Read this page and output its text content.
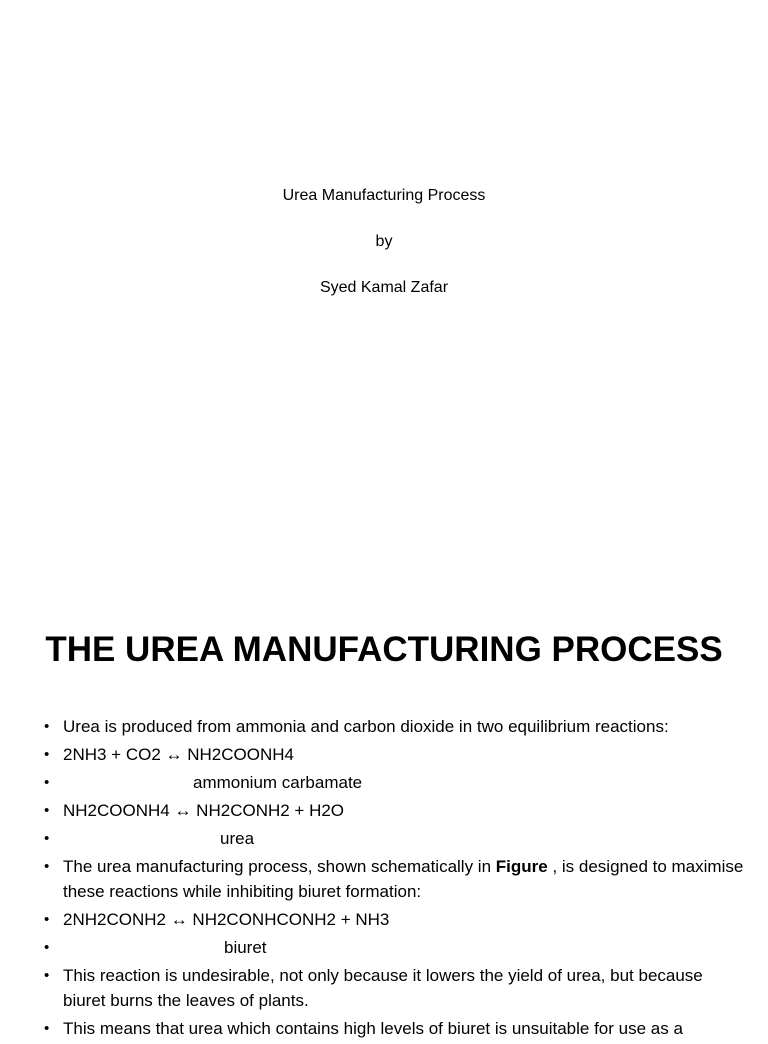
Urea Manufacturing Process
by
Syed Kamal Zafar
THE UREA MANUFACTURING PROCESS
• Urea is produced from ammonia and carbon dioxide in two equilibrium reactions:
• 2NH3 + CO2 ↔ NH2COONH4
• ammonium carbamate
• NH2COONH4 ↔ NH2CONH2 + H2O
• urea
• The urea manufacturing process, shown schematically in Figure , is designed to maximise these reactions while inhibiting biuret formation:
• 2NH2CONH2 ↔ NH2CONHCONH2 + NH3
• biuret
• This reaction is undesirable, not only because it lowers the yield of urea, but because biuret burns the leaves of plants.
• This means that urea which contains high levels of biuret is unsuitable for use as a
